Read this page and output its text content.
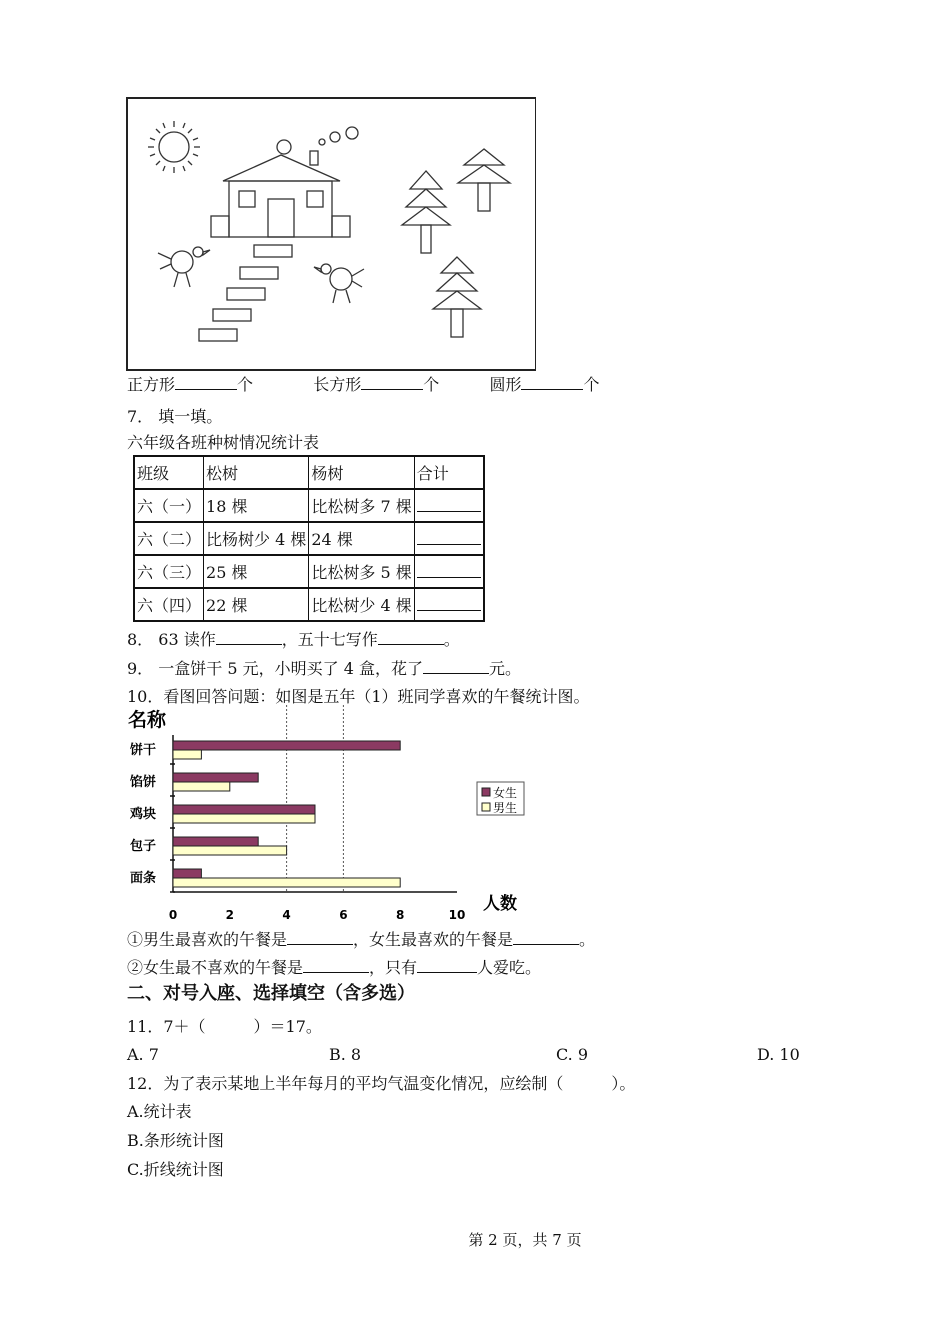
正方形	个	长方形	个	圆形	个
7． 填一填。
六年级各班种树情况统计表
班级	松树	杨树	合计
六（一）	18 棵	比松树多 7 棵	
六（二）	比杨树少 4 棵	24 棵	
六（三）	25 棵	比松树多 5 棵	
六（四）	22 棵	比松树少 4 棵	
8． 63 读作	，五十七写作	。
9． 一盒饼干 5 元，小明买了 4 盒，花了	元。
10．看图回答问题：如图是五年（1）班同学喜欢的午餐统计图。
名称
人数
0	2	4	6	8	10
饼干
馅饼
鸡块
包子
面条
女生
男生
①男生最喜欢的午餐是	，女生最喜欢的午餐是	。
②女生最不喜欢的午餐是	，只有	人爱吃。
二、对号入座、选择填空（含多选）
11．7＋（　　　）＝17。
A. 7	B. 8	C. 9	D. 10
12．为了表示某地上半年每月的平均气温变化情况，应绘制（　　　）。
A.统计表
B.条形统计图
C.折线统计图
第 2 页，共 7 页
